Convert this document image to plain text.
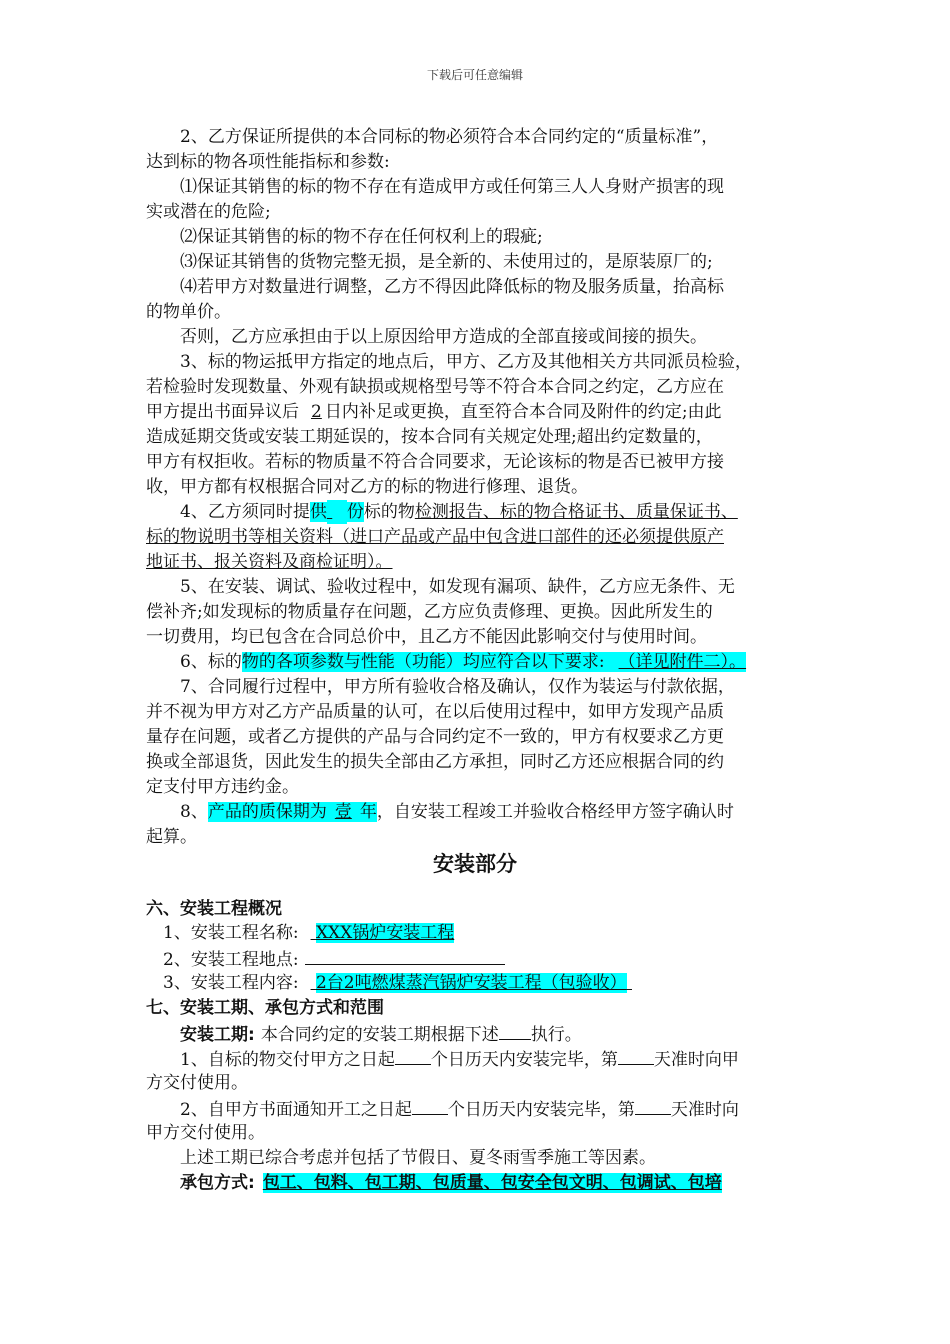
下载后可任意编辑
2、乙方保证所提供的本合同标的物必须符合本合同约定的“质量标准”，
达到标的物各项性能指标和参数:
⑴保证其销售的标的物不存在有造成甲方或任何第三人人身财产损害的现
实或潜在的危险;
⑵保证其销售的标的物不存在任何权利上的瑕疵;
⑶保证其销售的货物完整无损，是全新的、未使用过的，是原装原厂的;
⑷若甲方对数量进行调整，乙方不得因此降低标的物及服务质量，抬高标
的物单价。
否则，乙方应承担由于以上原因给甲方造成的全部直接或间接的损失。
3、标的物运抵甲方指定的地点后，甲方、乙方及其他相关方共同派员检验，
若检验时发现数量、外观有缺损或规格型号等不符合本合同之约定，乙方应在
甲方提出书面异议后 2 日内补足或更换，直至符合本合同及附件的约定;由此
造成延期交货或安装工期延误的，按本合同有关规定处理;超出约定数量的，
甲方有权拒收。若标的物质量不符合合同要求，无论该标的物是否已被甲方接
收，甲方都有权根据合同对乙方的标的物进行修理、退货。
4、乙方须同时提供 份标的物检测报告、标的物合格证书、质量保证书、
标的物说明书等相关资料（进口产品或产品中包含进口部件的还必须提供原产
地证书、报关资料及商检证明）。
5、在安装、调试、验收过程中，如发现有漏项、缺件，乙方应无条件、无
偿补齐;如发现标的物质量存在问题，乙方应负责修理、更换。因此所发生的
一切费用，均已包含在合同总价中，且乙方不能因此影响交付与使用时间。
6、标的物的各项参数与性能（功能）均应符合以下要求: （详见附件二）。
7、合同履行过程中，甲方所有验收合格及确认，仅作为装运与付款依据，
并不视为甲方对乙方产品质量的认可，在以后使用过程中，如甲方发现产品质
量存在问题，或者乙方提供的产品与合同约定不一致的，甲方有权要求乙方更
换或全部退货，因此发生的损失全部由乙方承担，同时乙方还应根据合同的约
定支付甲方违约金。
8、产品的质保期为 壹 年，自安装工程竣工并验收合格经甲方签字确认时
起算。
安装部分
六、安装工程概况
1、安装工程名称: XXX锅炉安装工程
2、安装工程地点:
3、安装工程内容: 2台2吨燃煤蒸汽锅炉安装工程（包验收）
七、安装工期、承包方式和范围
安装工期: 本合同约定的安装工期根据下述 执行。
1、自标的物交付甲方之日起 个日历天内安装完毕，第 天准时向甲
方交付使用。
2、自甲方书面通知开工之日起 个日历天内安装完毕，第 天准时向
甲方交付使用。
上述工期已综合考虑并包括了节假日、夏冬雨雪季施工等因素。
承包方式: 包工、包料、包工期、包质量、包安全包文明、包调试、包培
